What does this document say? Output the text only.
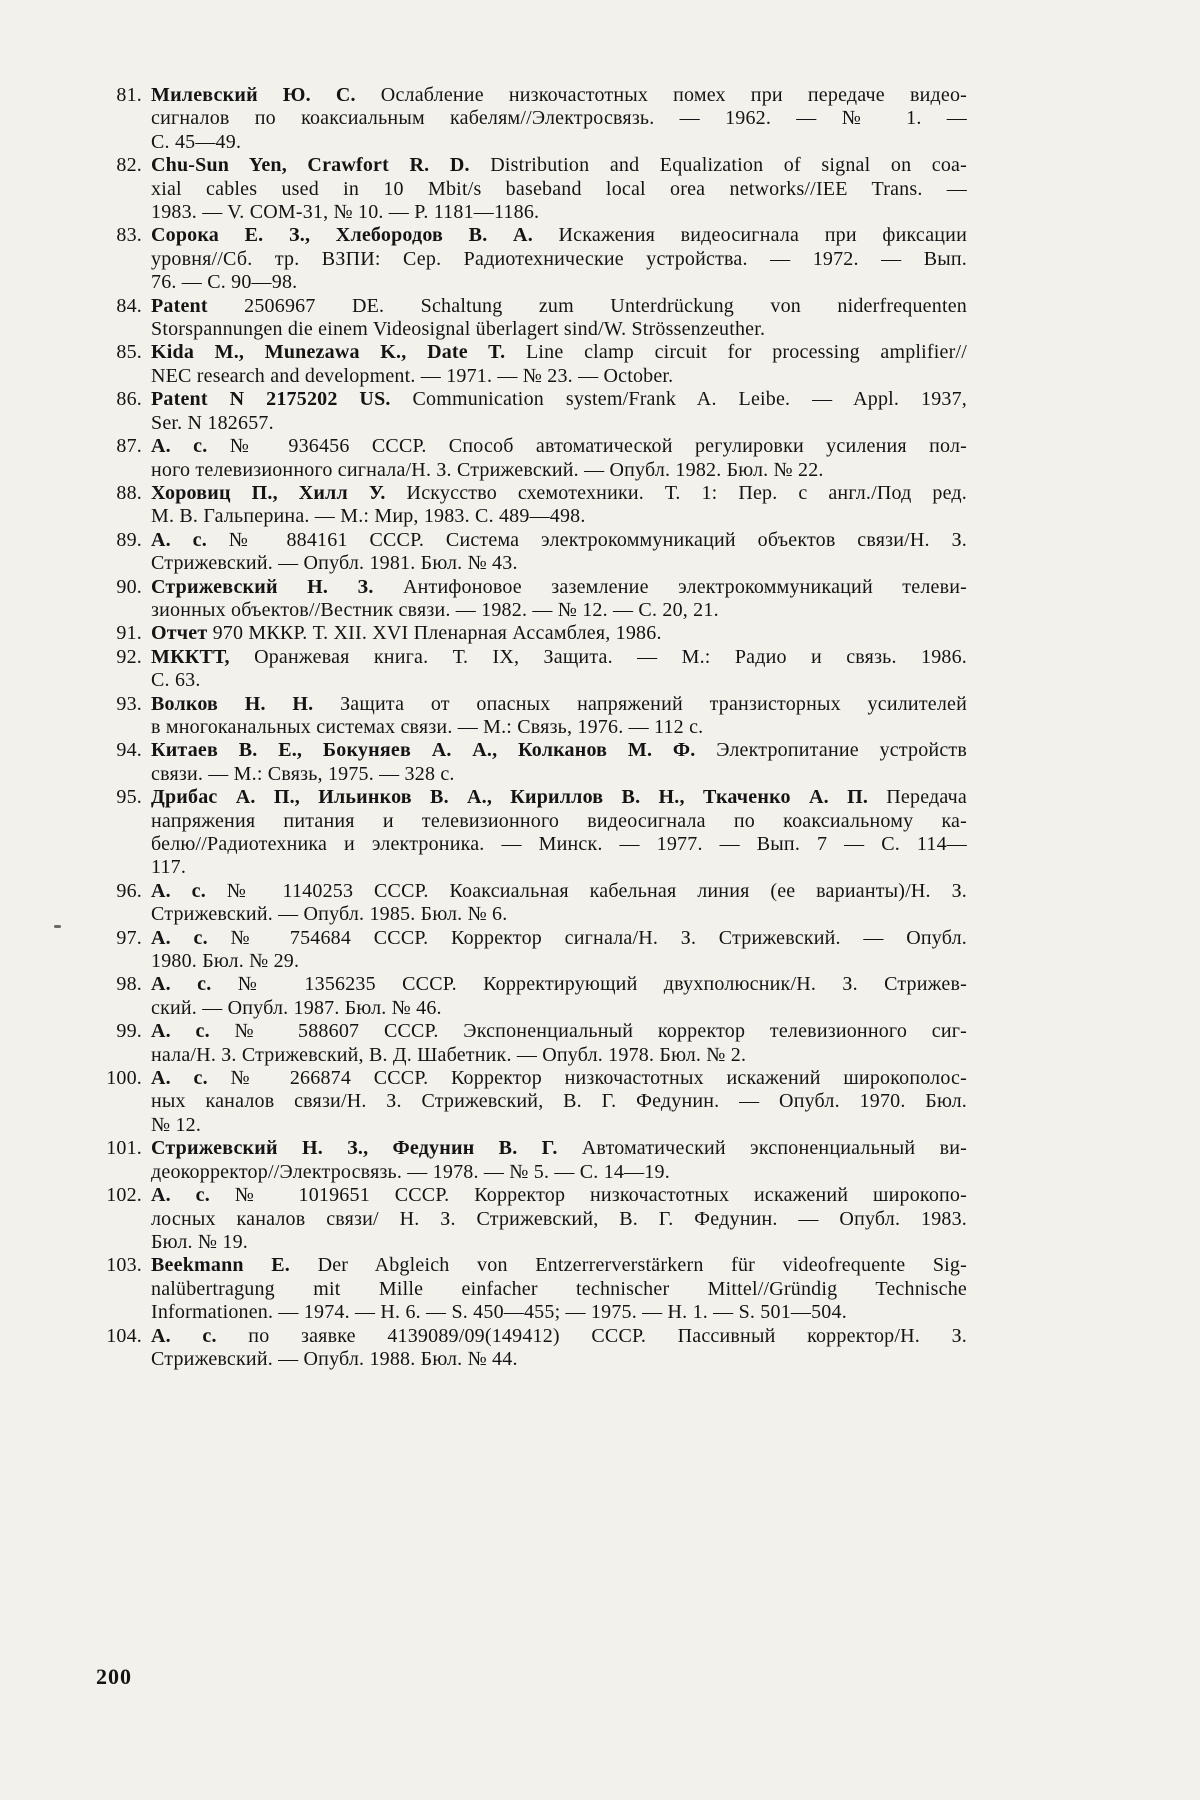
81. Милевский Ю. С. Ослабление низкочастотных помех при передаче видео-
сигналов по коаксиальным кабелям//Электросвязь. — 1962. — № 1. —
С. 45—49.
82. Chu-Sun Yen, Crawfort R. D. Distribution and Equalization of signal on coa-
xial cables used in 10 Mbit/s baseband local orea networks//IEE Trans. —
1983. — V. COM-31, № 10. — P. 1181—1186.
83. Сорока Е. З., Хлебородов В. А. Искажения видеосигнала при фиксации
уровня//Сб. тр. ВЗПИ: Сер. Радиотехнические устройства. — 1972. — Вып.
76. — С. 90—98.
84. Patent 2506967 DE. Schaltung zum Unterdrückung von niderfrequenten
Storspannungen die einem Videosignal überlagert sind/W. Strössenzeuther.
85. Kida M., Munezawa K., Date T. Line clamp circuit for processing amplifier//
NEC research and development. — 1971. — № 23. — October.
86. Patent N 2175202 US. Communication system/Frank A. Leibe. — Appl. 1937,
Ser. N 182657.
87. А. с. № 936456 СССР. Способ автоматической регулировки усиления пол-
ного телевизионного сигнала/Н. З. Стрижевский. — Опубл. 1982. Бюл. № 22.
88. Хоровиц П., Хилл У. Искусство схемотехники. Т. 1: Пер. с англ./Под ред.
М. В. Гальперина. — М.: Мир, 1983. С. 489—498.
89. А. с. № 884161 СССР. Система электрокоммуникаций объектов связи/Н. З.
Стрижевский. — Опубл. 1981. Бюл. № 43.
90. Стрижевский Н. З. Антифоновое заземление электрокоммуникаций телеви-
зионных объектов//Вестник связи. — 1982. — № 12. — С. 20, 21.
91. Отчет 970 МККР. Т. XII. XVI Пленарная Ассамблея, 1986.
92. МККТТ, Оранжевая книга. Т. IX, Защита. — М.: Радио и связь. 1986.
С. 63.
93. Волков Н. Н. Защита от опасных напряжений транзисторных усилителей
в многоканальных системах связи. — М.: Связь, 1976. — 112 с.
94. Китаев В. Е., Бокуняев А. А., Колканов М. Ф. Электропитание устройств
связи. — М.: Связь, 1975. — 328 с.
95. Дрибас А. П., Ильинков В. А., Кириллов В. Н., Ткаченко А. П. Передача
напряжения питания и телевизионного видеосигнала по коаксиальному ка-
белю//Радиотехника и электроника. — Минск. — 1977. — Вып. 7 — С. 114—
117.
96. А. с. № 1140253 СССР. Коаксиальная кабельная линия (ее варианты)/Н. З.
Стрижевский. — Опубл. 1985. Бюл. № 6.
97. А. с. № 754684 СССР. Корректор сигнала/Н. З. Стрижевский. — Опубл.
1980. Бюл. № 29.
98. А. с. № 1356235 СССР. Корректирующий двухполюсник/Н. З. Стрижев-
ский. — Опубл. 1987. Бюл. № 46.
99. А. с. № 588607 СССР. Экспоненциальный корректор телевизионного сиг-
нала/Н. З. Стрижевский, В. Д. Шабетник. — Опубл. 1978. Бюл. № 2.
100. А. с. № 266874 СССР. Корректор низкочастотных искажений широкополос-
ных каналов связи/Н. З. Стрижевский, В. Г. Федунин. — Опубл. 1970. Бюл.
№ 12.
101. Стрижевский Н. З., Федунин В. Г. Автоматический экспоненциальный ви-
деокорректор//Электросвязь. — 1978. — № 5. — С. 14—19.
102. А. с. № 1019651 СССР. Корректор низкочастотных искажений широкопо-
лосных каналов связи/ Н. З. Стрижевский, В. Г. Федунин. — Опубл. 1983.
Бюл. № 19.
103. Beekmann E. Der Abgleich von Entzerrerverstärkern für videofrequente Sig-
nalübertragung mit Mille einfacher technischer Mittel//Gründig Technische
Informationen. — 1974. — H. 6. — S. 450—455; — 1975. — H. 1. — S. 501—504.
104. А. с. по заявке 4139089/09(149412) СССР. Пассивный корректор/Н. З.
Стрижевский. — Опубл. 1988. Бюл. № 44.
200
